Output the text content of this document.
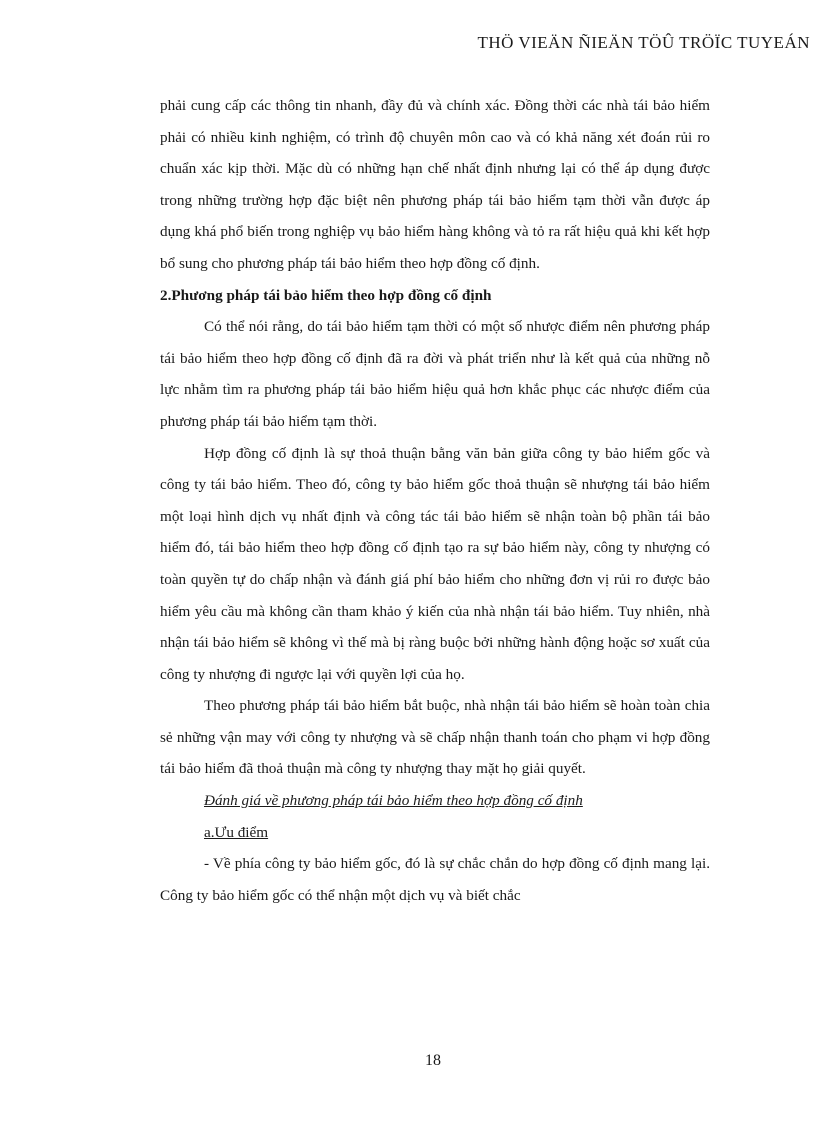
THÖ VIEÄN ÑIEÄN TÖÛ TRÖÏC TUYEÁN

phải cung cấp các thông tin nhanh, đầy đủ và chính xác. Đồng thời các nhà tái bảo hiểm phải có nhiều kinh nghiệm, có trình độ chuyên môn cao và có khả năng xét đoán rủi ro chuẩn xác kịp thời. Mặc dù có những hạn chế nhất định nhưng lại có thể áp dụng được trong những trường hợp đặc biệt nên phương pháp tái bảo hiểm tạm thời vẫn được áp dụng khá phổ biến trong nghiệp vụ bảo hiểm hàng không và tỏ ra rất hiệu quả khi kết hợp bổ sung cho phương pháp tái bảo hiểm theo hợp đồng cố định.

2.Phương pháp tái bảo hiểm theo hợp đồng cố định

Có thể nói rằng, do tái bảo hiểm tạm thời có một số nhược điểm nên phương pháp tái bảo hiểm theo hợp đồng cố định đã ra đời và phát triển như là kết quả của những nỗ lực nhằm tìm ra phương pháp tái bảo hiểm hiệu quả hơn khắc phục các nhược điểm của phương pháp tái bảo hiểm tạm thời.

Hợp đồng cố định là sự thoả thuận bằng văn bản giữa công ty bảo hiểm gốc và công ty tái bảo hiểm. Theo đó, công ty bảo hiểm gốc thoả thuận sẽ nhượng tái bảo hiểm một loại hình dịch vụ nhất định và công tác tái bảo hiểm sẽ nhận toàn bộ phần tái bảo hiểm đó, tái bảo hiểm theo hợp đồng cố định tạo ra sự bảo hiểm này, công ty nhượng có toàn quyền tự do chấp nhận và đánh giá phí bảo hiểm cho những đơn vị rủi ro được bảo hiểm yêu cầu mà không cần tham khảo ý kiến của nhà nhận tái bảo hiểm. Tuy nhiên, nhà nhận tái bảo hiểm sẽ không vì thế mà bị ràng buộc bởi những hành động hoặc sơ xuất của công ty nhượng đi ngược lại với quyền lợi của họ.

Theo phương pháp tái bảo hiểm bắt buộc, nhà nhận tái bảo hiểm sẽ hoàn toàn chia sẻ những vận may với công ty nhượng và sẽ chấp nhận thanh toán cho phạm vi hợp đồng tái bảo hiểm đã thoả thuận mà công ty nhượng thay mặt họ giải quyết.

Đánh giá về phương pháp tái bảo hiểm theo hợp đồng cố định

a.Ưu điểm

- Về phía công ty bảo hiểm gốc, đó là sự chắc chắn do hợp đồng cố định mang lại. Công ty bảo hiểm gốc có thể nhận một dịch vụ và biết chắc

18
